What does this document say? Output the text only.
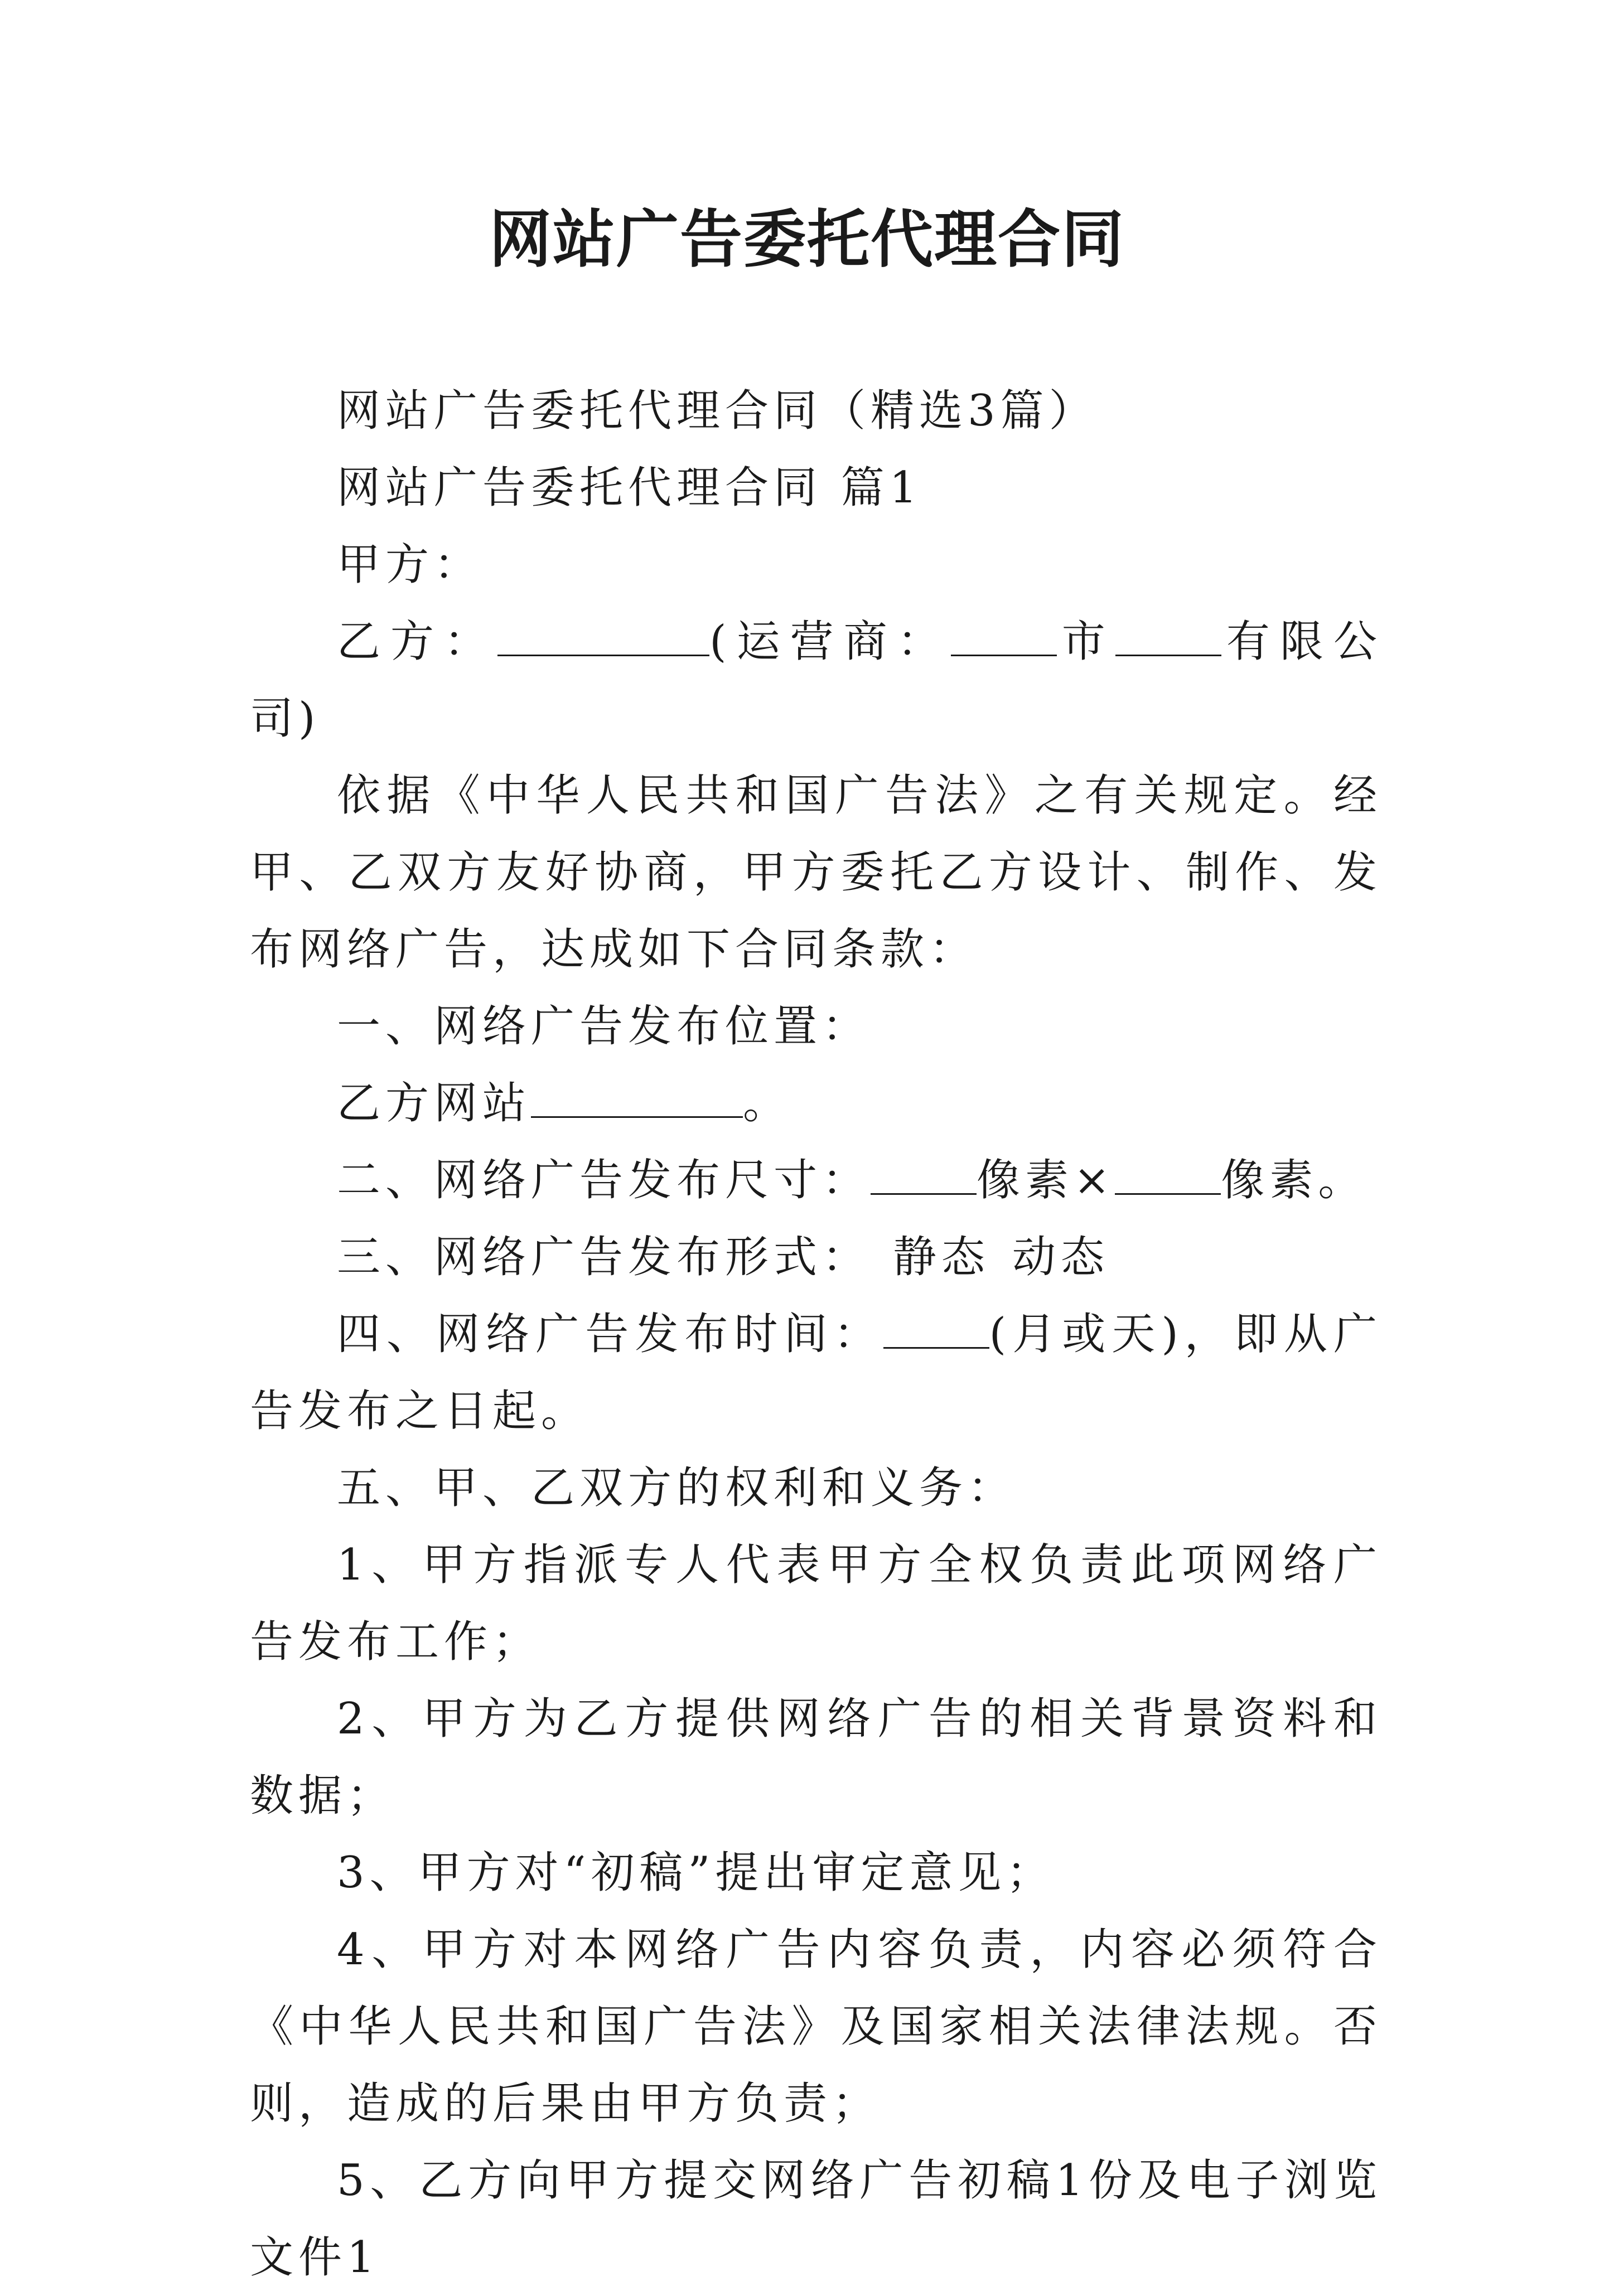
网站广告委托代理合同

网站广告委托代理合同（精选3篇）

网站广告委托代理合同 篇1

甲方：

乙方：	(运营商： 市 有限公司)

依据《中华人民共和国广告法》之有关规定。经甲、乙双方友好协商，甲方委托乙方设计、制作、发布网络广告，达成如下合同条款：

一、网络广告发布位置：

乙方网站	。

二、网络广告发布尺寸： 像素× 像素。

三、网络广告发布形式： 静态 动态

四、网络广告发布时间： (月或天)，即从广告发布之日起。

五、甲、乙双方的权利和义务：

1、甲方指派专人代表甲方全权负责此项网络广告发布工作；

2、甲方为乙方提供网络广告的相关背景资料和数据；

3、甲方对“初稿”提出审定意见；

4、甲方对本网络广告内容负责，内容必须符合《中华人民共和国广告法》及国家相关法律法规。否则，造成的后果由甲方负责；

5、乙方向甲方提交网络广告初稿1份及电子浏览文件1
